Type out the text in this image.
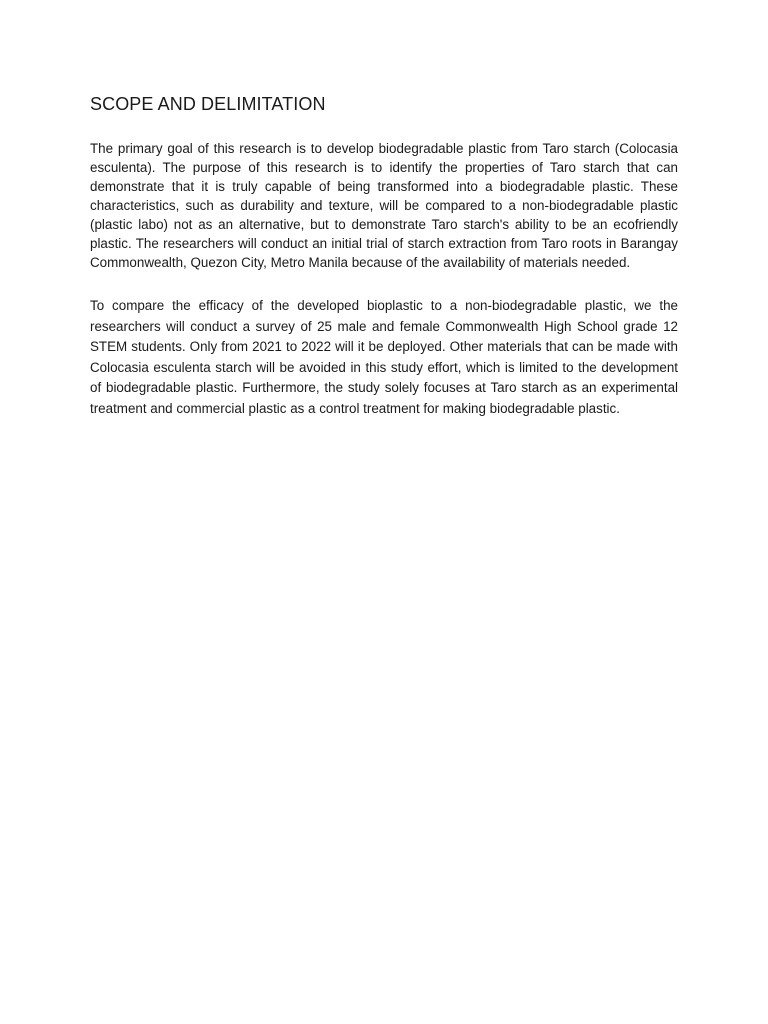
SCOPE AND DELIMITATION

The primary goal of this research is to develop biodegradable plastic from Taro starch (Colocasia esculenta). The purpose of this research is to identify the properties of Taro starch that can demonstrate that it is truly capable of being transformed into a biodegradable plastic. These characteristics, such as durability and texture, will be compared to a non-biodegradable plastic (plastic labo) not as an alternative, but to demonstrate Taro starch's ability to be an ecofriendly plastic. The researchers will conduct an initial trial of starch extraction from Taro roots in Barangay Commonwealth, Quezon City, Metro Manila because of the availability of materials needed.

To compare the efficacy of the developed bioplastic to a non-biodegradable plastic, we the researchers will conduct a survey of 25 male and female Commonwealth High School grade 12 STEM students. Only from 2021 to 2022 will it be deployed. Other materials that can be made with Colocasia esculenta starch will be avoided in this study effort, which is limited to the development of biodegradable plastic. Furthermore, the study solely focuses at Taro starch as an experimental treatment and commercial plastic as a control treatment for making biodegradable plastic.
